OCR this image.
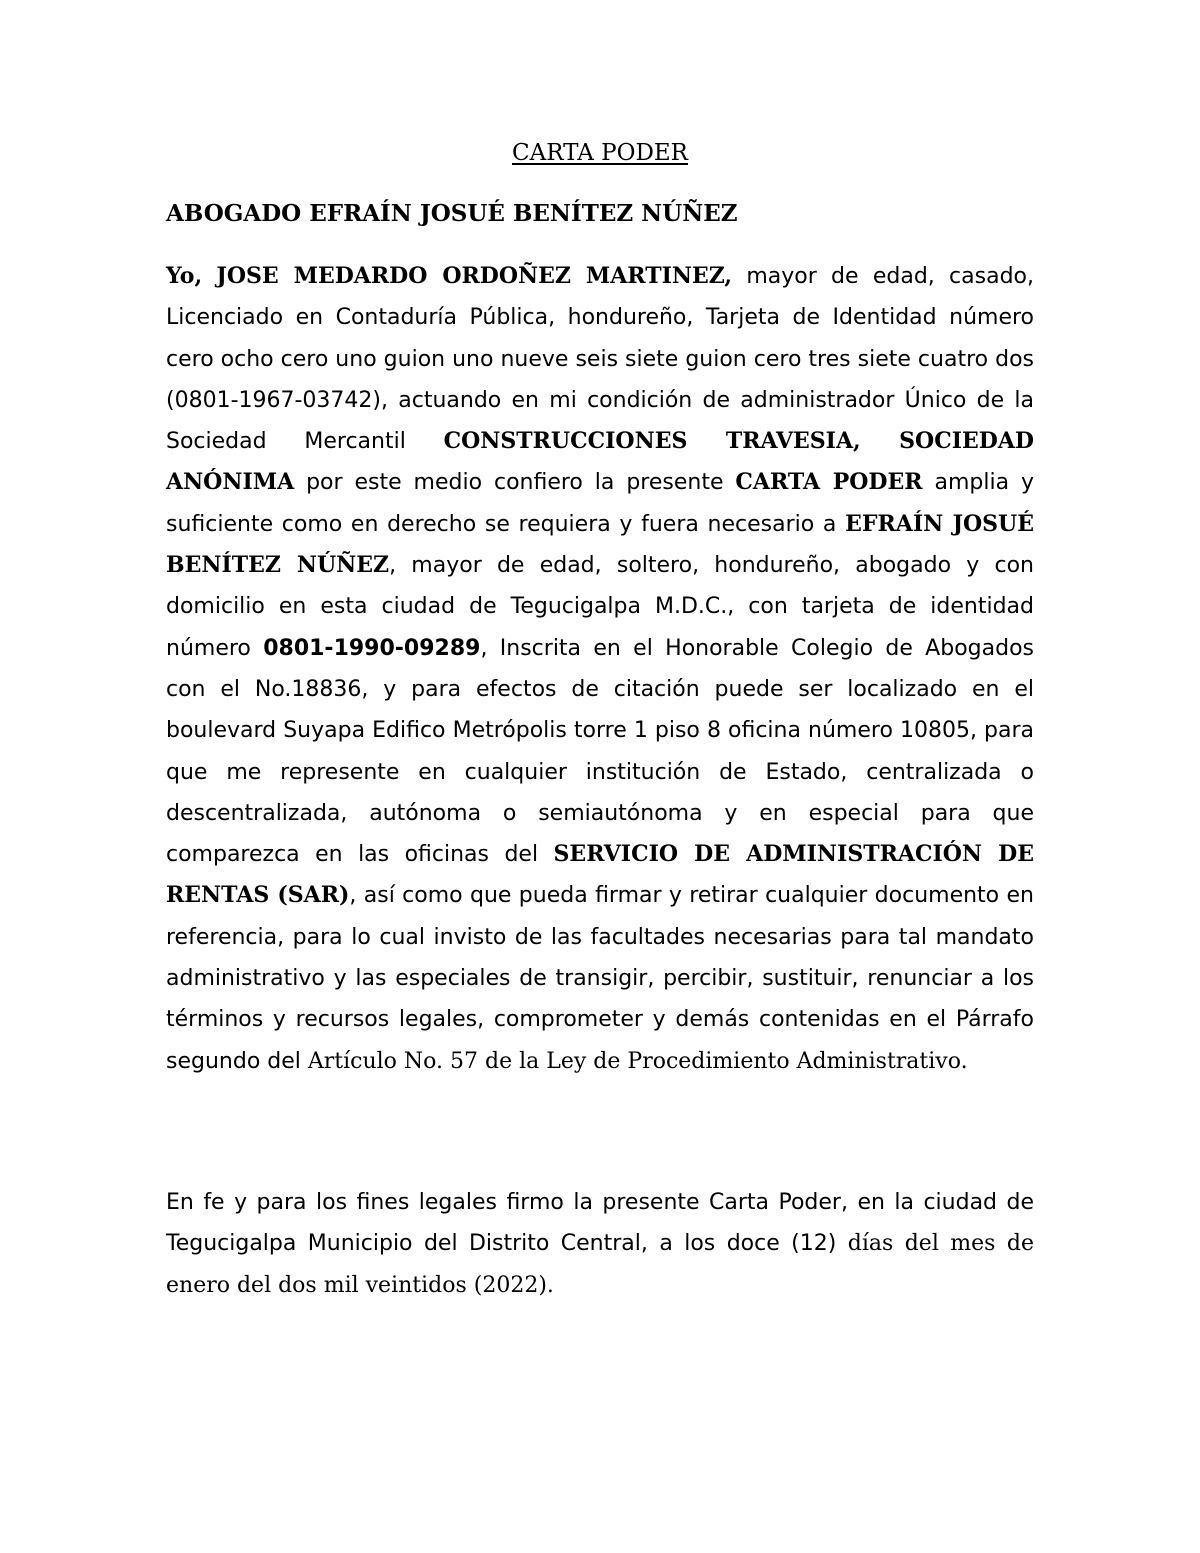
CARTA PODER
ABOGADO EFRAÍN JOSUÉ BENÍTEZ NÚÑEZ

Yo, JOSE MEDARDO ORDOÑEZ MARTINEZ, mayor de edad, casado, Licenciado en Contaduría Pública, hondureño, Tarjeta de Identidad número cero ocho cero uno guion uno nueve seis siete guion cero tres siete cuatro dos (0801-1967-03742), actuando en mi condición de administrador Único de la Sociedad Mercantil CONSTRUCCIONES TRAVESIA, SOCIEDAD ANÓNIMA por este medio confiero la presente CARTA PODER amplia y suficiente como en derecho se requiera y fuera necesario a EFRAÍN JOSUÉ BENÍTEZ NÚÑEZ, mayor de edad, soltero, hondureño, abogado y con domicilio en esta ciudad de Tegucigalpa M.D.C., con tarjeta de identidad número 0801-1990-09289, Inscrita en el Honorable Colegio de Abogados con el No.18836, y para efectos de citación puede ser localizado en el boulevard Suyapa Edifico Metrópolis torre 1 piso 8 oficina número 10805, para que me represente en cualquier institución de Estado, centralizada o descentralizada, autónoma o semiautónoma y en especial para que comparezca en las oficinas del SERVICIO DE ADMINISTRACIÓN DE RENTAS (SAR), así como que pueda firmar y retirar cualquier documento en referencia, para lo cual invisto de las facultades necesarias para tal mandato administrativo y las especiales de transigir, percibir, sustituir, renunciar a los términos y recursos legales, comprometer y demás contenidas en el Párrafo segundo del Artículo No. 57 de la Ley de Procedimiento Administrativo.

En fe y para los fines legales firmo la presente Carta Poder, en la ciudad de Tegucigalpa Municipio del Distrito Central, a los doce (12) días del mes de enero del dos mil veintidos (2022).
